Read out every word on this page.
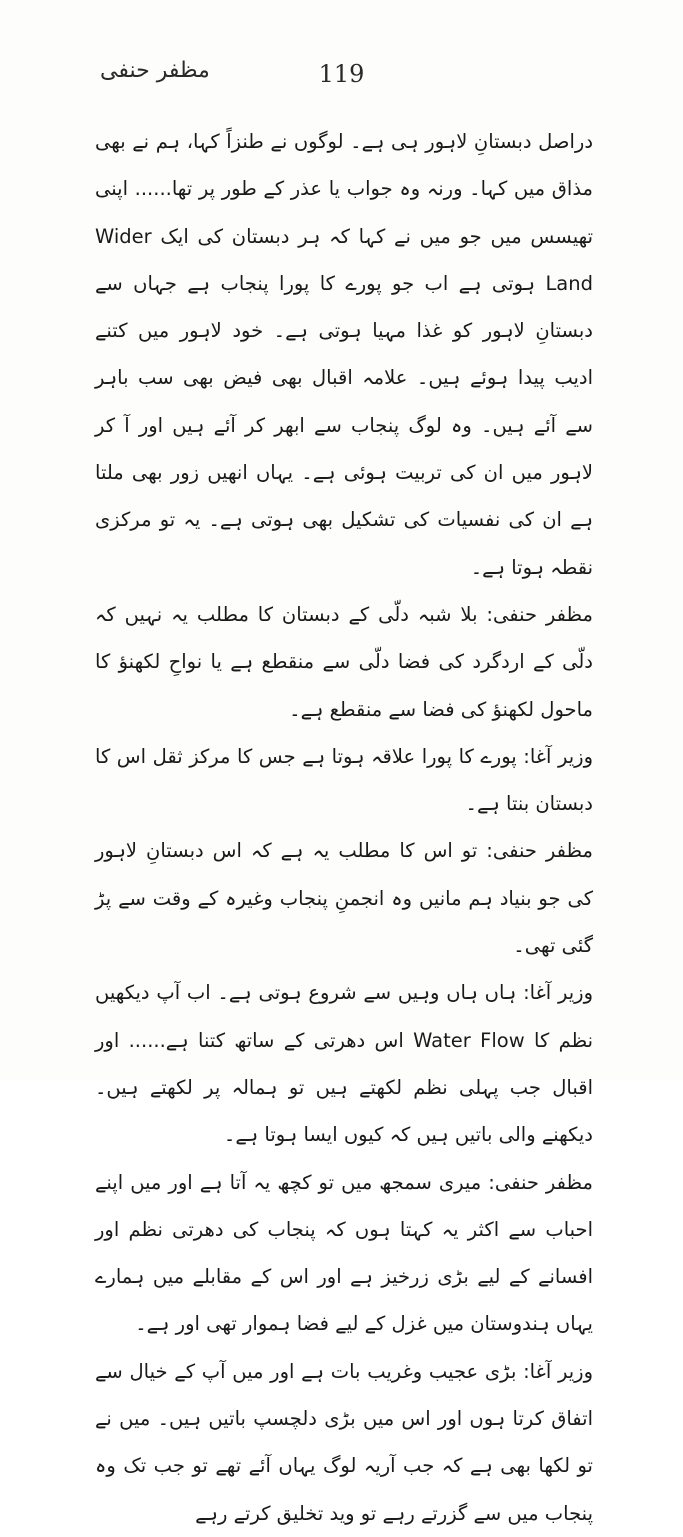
119
مظفر حنفی

دراصل دبستانِ لاہور ہی ہے۔ لوگوں نے طنزاً کہا، ہم نے بھی مذاق میں کہا۔ ورنہ وہ جواب یا عذر کے طور پر تھا...... اپنی تھیسس میں جو میں نے کہا کہ ہر دبستان کی ایک Wider Land ہوتی ہے اب جو پورے کا پورا پنجاب ہے جہاں سے دبستانِ لاہور کو غذا مہیا ہوتی ہے۔ خود لاہور میں کتنے ادیب پیدا ہوئے ہیں۔ علامہ اقبال بھی فیض بھی سب باہر سے آئے ہیں۔ وہ لوگ پنجاب سے ابھر کر آئے ہیں اور آ کر لاہور میں ان کی تربیت ہوئی ہے۔ یہاں انھیں زور بھی ملتا ہے ان کی نفسیات کی تشکیل بھی ہوتی ہے۔ یہ تو مرکزی نقطہ ہوتا ہے۔

مظفر حنفی: بلا شبہ دلّی کے دبستان کا مطلب یہ نہیں کہ دلّی کے اردگرد کی فضا دلّی سے منقطع ہے یا نواحِ لکھنؤ کا ماحول لکھنؤ کی فضا سے منقطع ہے۔

وزیر آغا: پورے کا پورا علاقہ ہوتا ہے جس کا مرکز ثقل اس کا دبستان بنتا ہے۔

مظفر حنفی: تو اس کا مطلب یہ ہے کہ اس دبستانِ لاہور کی جو بنیاد ہم مانیں وہ انجمنِ پنجاب وغیرہ کے وقت سے پڑ گئی تھی۔

وزیر آغا: ہاں ہاں وہیں سے شروع ہوتی ہے۔ اب آپ دیکھیں نظم کا Water Flow اس دھرتی کے ساتھ کتنا ہے...... اور اقبال جب پہلی نظم لکھتے ہیں تو ہمالہ پر لکھتے ہیں۔ دیکھنے والی باتیں ہیں کہ کیوں ایسا ہوتا ہے۔

مظفر حنفی: میری سمجھ میں تو کچھ یہ آتا ہے اور میں اپنے احباب سے اکثر یہ کہتا ہوں کہ پنجاب کی دھرتی نظم اور افسانے کے لیے بڑی زرخیز ہے اور اس کے مقابلے میں ہمارے یہاں ہندوستان میں غزل کے لیے فضا ہموار تھی اور ہے۔

وزیر آغا: بڑی عجیب وغریب بات ہے اور میں آپ کے خیال سے اتفاق کرتا ہوں اور اس میں بڑی دلچسپ باتیں ہیں۔ میں نے تو لکھا بھی ہے کہ جب آریہ لوگ یہاں آئے تھے تو جب تک وہ پنجاب میں سے گزرتے رہے تو وید تخلیق کرتے رہے
